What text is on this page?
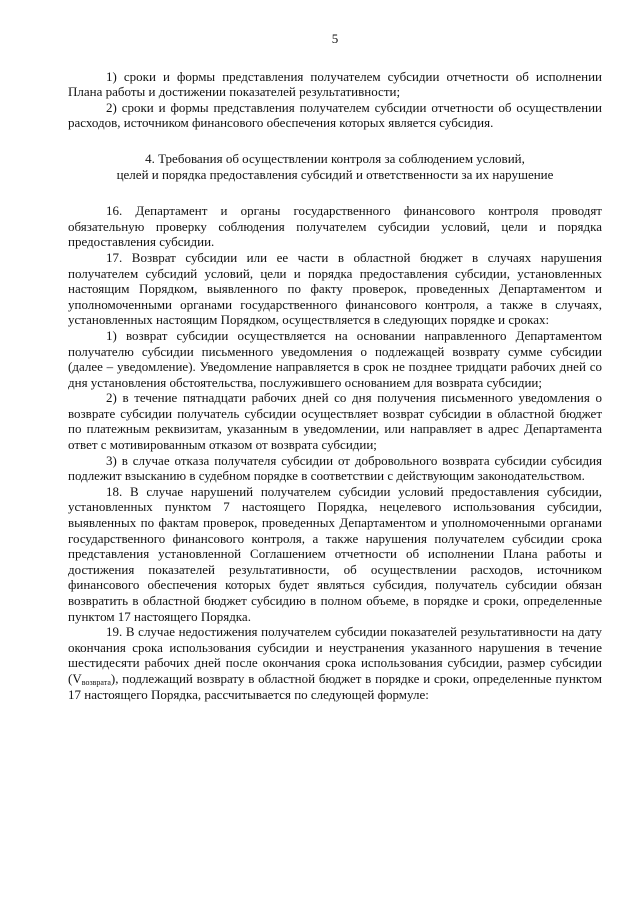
5

1) сроки и формы представления получателем субсидии отчетности об исполнении Плана работы и достижении показателей результативности;

2) сроки и формы представления получателем субсидии отчетности об осуществлении расходов, источником финансового обеспечения которых является субсидия.

4. Требования об осуществлении контроля за соблюдением условий,
целей и порядка предоставления субсидий и ответственности за их нарушение

16. Департамент и органы государственного финансового контроля проводят обязательную проверку соблюдения получателем субсидии условий, цели и порядка предоставления субсидии.

17. Возврат субсидии или ее части в областной бюджет в случаях нарушения получателем субсидий условий, цели и порядка предоставления субсидии, установленных настоящим Порядком, выявленного по факту проверок, проведенных Департаментом и уполномоченными органами государственного финансового контроля, а также в случаях, установленных настоящим Порядком, осуществляется в следующих порядке и сроках:

1) возврат субсидии осуществляется на основании направленного Департаментом получателю субсидии письменного уведомления о подлежащей возврату сумме субсидии (далее – уведомление). Уведомление направляется в срок не позднее тридцати рабочих дней со дня установления обстоятельства, послужившего основанием для возврата субсидии;

2) в течение пятнадцати рабочих дней со дня получения письменного уведомления о возврате субсидии получатель субсидии осуществляет возврат субсидии в областной бюджет по платежным реквизитам, указанным в уведомлении, или направляет в адрес Департамента ответ с мотивированным отказом от возврата субсидии;

3) в случае отказа получателя субсидии от добровольного возврата субсидии субсидия подлежит взысканию в судебном порядке в соответствии с действующим законодательством.

18. В случае нарушений получателем субсидии условий предоставления субсидии, установленных пунктом 7 настоящего Порядка, нецелевого использования субсидии, выявленных по фактам проверок, проведенных Департаментом и уполномоченными органами государственного финансового контроля, а также нарушения получателем субсидии срока представления установленной Соглашением отчетности об исполнении Плана работы и достижения показателей результативности, об осуществлении расходов, источником финансового обеспечения которых будет являться субсидия, получатель субсидии обязан возвратить в областной бюджет субсидию в полном объеме, в порядке и сроки, определенные пунктом 17 настоящего Порядка.

19. В случае недостижения получателем субсидии показателей результативности на дату окончания срока использования субсидии и неустранения указанного нарушения в течение шестидесяти рабочих дней после окончания срока использования субсидии, размер субсидии $(V_{возврата})$, подлежащий возврату в областной бюджет в порядке и сроки, определенные пунктом 17 настоящего Порядка, рассчитывается по следующей формуле:
